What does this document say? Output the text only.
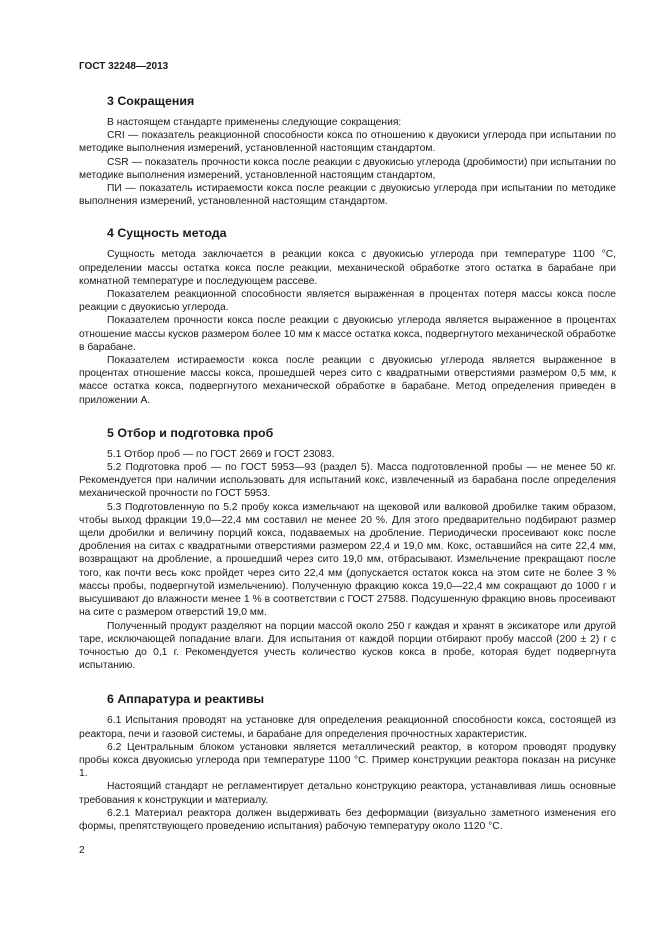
ГОСТ 32248—2013
3 Сокращения

В настоящем стандарте применены следующие сокращения:

CRI — показатель реакционной способности кокса по отношению к двуокиси углерода при испытании по методике выполнения измерений, установленной настоящим стандартом.

CSR — показатель прочности кокса после реакции с двуокисью углерода (дробимости) при испытании по методике выполнения измерений, установленной настоящим стандартом,

ПИ — показатель истираемости кокса после реакции с двуокисью углерода при испытании по методике выполнения измерений, установленной настоящим стандартом.

4 Сущность метода

Сущность метода заключается в реакции кокса с двуокисью углерода при температуре 1100 °С, определении массы остатка кокса после реакции, механической обработке этого остатка в барабане при комнатной температуре и последующем рассеве.

Показателем реакционной способности является выраженная в процентах потеря массы кокса после реакции с двуокисью углерода.

Показателем прочности кокса после реакции с двуокисью углерода является выраженное в процентах отношение массы кусков размером более 10 мм к массе остатка кокса, подвергнутого механической обработке в барабане.

Показателем истираемости кокса после реакции с двуокисью углерода является выраженное в процентах отношение массы кокса, прошедшей через сито с квадратными отверстиями размером 0,5 мм, к массе остатка кокса, подвергнутого механической обработке в барабане. Метод определения приведен в приложении А.

5 Отбор и подготовка проб

5.1 Отбор проб — по ГОСТ 2669 и ГОСТ 23083.

5.2 Подготовка проб — по ГОСТ 5953—93 (раздел 5). Масса подготовленной пробы — не менее 50 кг. Рекомендуется при наличии использовать для испытаний кокс, извлеченный из барабана после определения механической прочности по ГОСТ 5953.

5.3 Подготовленную по 5.2 пробу кокса измельчают на щековой или валковой дробилке таким образом, чтобы выход фракции 19,0—22,4 мм составил не менее 20 %. Для этого предварительно подбирают размер щели дробилки и величину порций кокса, подаваемых на дробление. Периодически просеивают кокс после дробления на ситах с квадратными отверстиями размером 22,4 и 19,0 мм. Кокс, оставшийся на сите 22,4 мм, возвращают на дробление, а прошедший через сито 19,0 мм, отбрасывают. Измельчение прекращают после того, как почти весь кокс пройдет через сито 22,4 мм (допускается остаток кокса на этом сите не более 3 % массы пробы, подвергнутой измельчению). Полученную фракцию кокса 19,0—22,4 мм сокращают до 1000 г и высушивают до влажности менее 1 % в соответствии с ГОСТ 27588. Подсушенную фракцию вновь просеивают на сите с размером отверстий 19,0 мм.

Полученный продукт разделяют на порции массой около 250 г каждая и хранят в эксикаторе или другой таре, исключающей попадание влаги. Для испытания от каждой порции отбирают пробу массой (200 ± 2) г с точностью до 0,1 г. Рекомендуется учесть количество кусков кокса в пробе, которая будет подвергнута испытанию.

6 Аппаратура и реактивы

6.1 Испытания проводят на установке для определения реакционной способности кокса, состоящей из реактора, печи и газовой системы, и барабане для определения прочностных характеристик.

6.2 Центральным блоком установки является металлический реактор, в котором проводят продувку пробы кокса двуокисью углерода при температуре 1100 °С. Пример конструкции реактора показан на рисунке 1.

Настоящий стандарт не регламентирует детально конструкцию реактора, устанавливая лишь основные требования к конструкции и материалу.

6.2.1 Материал реактора должен выдерживать без деформации (визуально заметного изменения его формы, препятствующего проведению испытания) рабочую температуру около 1120 °С.

2
